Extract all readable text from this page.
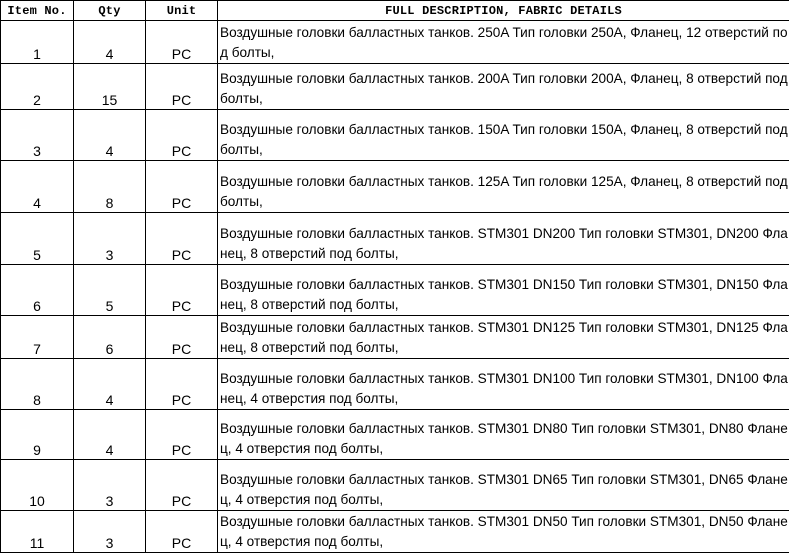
Item No.	Qty	Unit	FULL DESCRIPTION, FABRIC DETAILS
1	4	PC	Воздушные головки балластных танков. 250A Тип головки 250A, Фланец, 12 отверстий под болты,
2	15	PC	Воздушные головки балластных танков. 200A Тип головки 200A, Фланец, 8 отверстий под болты,
3	4	PC	Воздушные головки балластных танков. 150A Тип головки 150A, Фланец, 8 отверстий под болты,
4	8	PC	Воздушные головки балластных танков. 125A Тип головки 125A, Фланец, 8 отверстий под болты,
5	3	PC	Воздушные головки балластных танков. STM301 DN200 Тип головки STM301, DN200 Фланец, 8 отверстий под болты,
6	5	PC	Воздушные головки балластных танков. STM301 DN150 Тип головки STM301, DN150 Фланец, 8 отверстий под болты,
7	6	PC	Воздушные головки балластных танков. STM301 DN125 Тип головки STM301, DN125 Фланец, 8 отверстий под болты,
8	4	PC	Воздушные головки балластных танков. STM301 DN100 Тип головки STM301, DN100 Фланец, 4 отверстия под болты,
9	4	PC	Воздушные головки балластных танков. STM301 DN80 Тип головки STM301, DN80 Фланец, 4 отверстия под болты,
10	3	PC	Воздушные головки балластных танков. STM301 DN65 Тип головки STM301, DN65 Фланец, 4 отверстия под болты,
11	3	PC	Воздушные головки балластных танков. STM301 DN50 Тип головки STM301, DN50 Фланец, 4 отверстия под болты,
